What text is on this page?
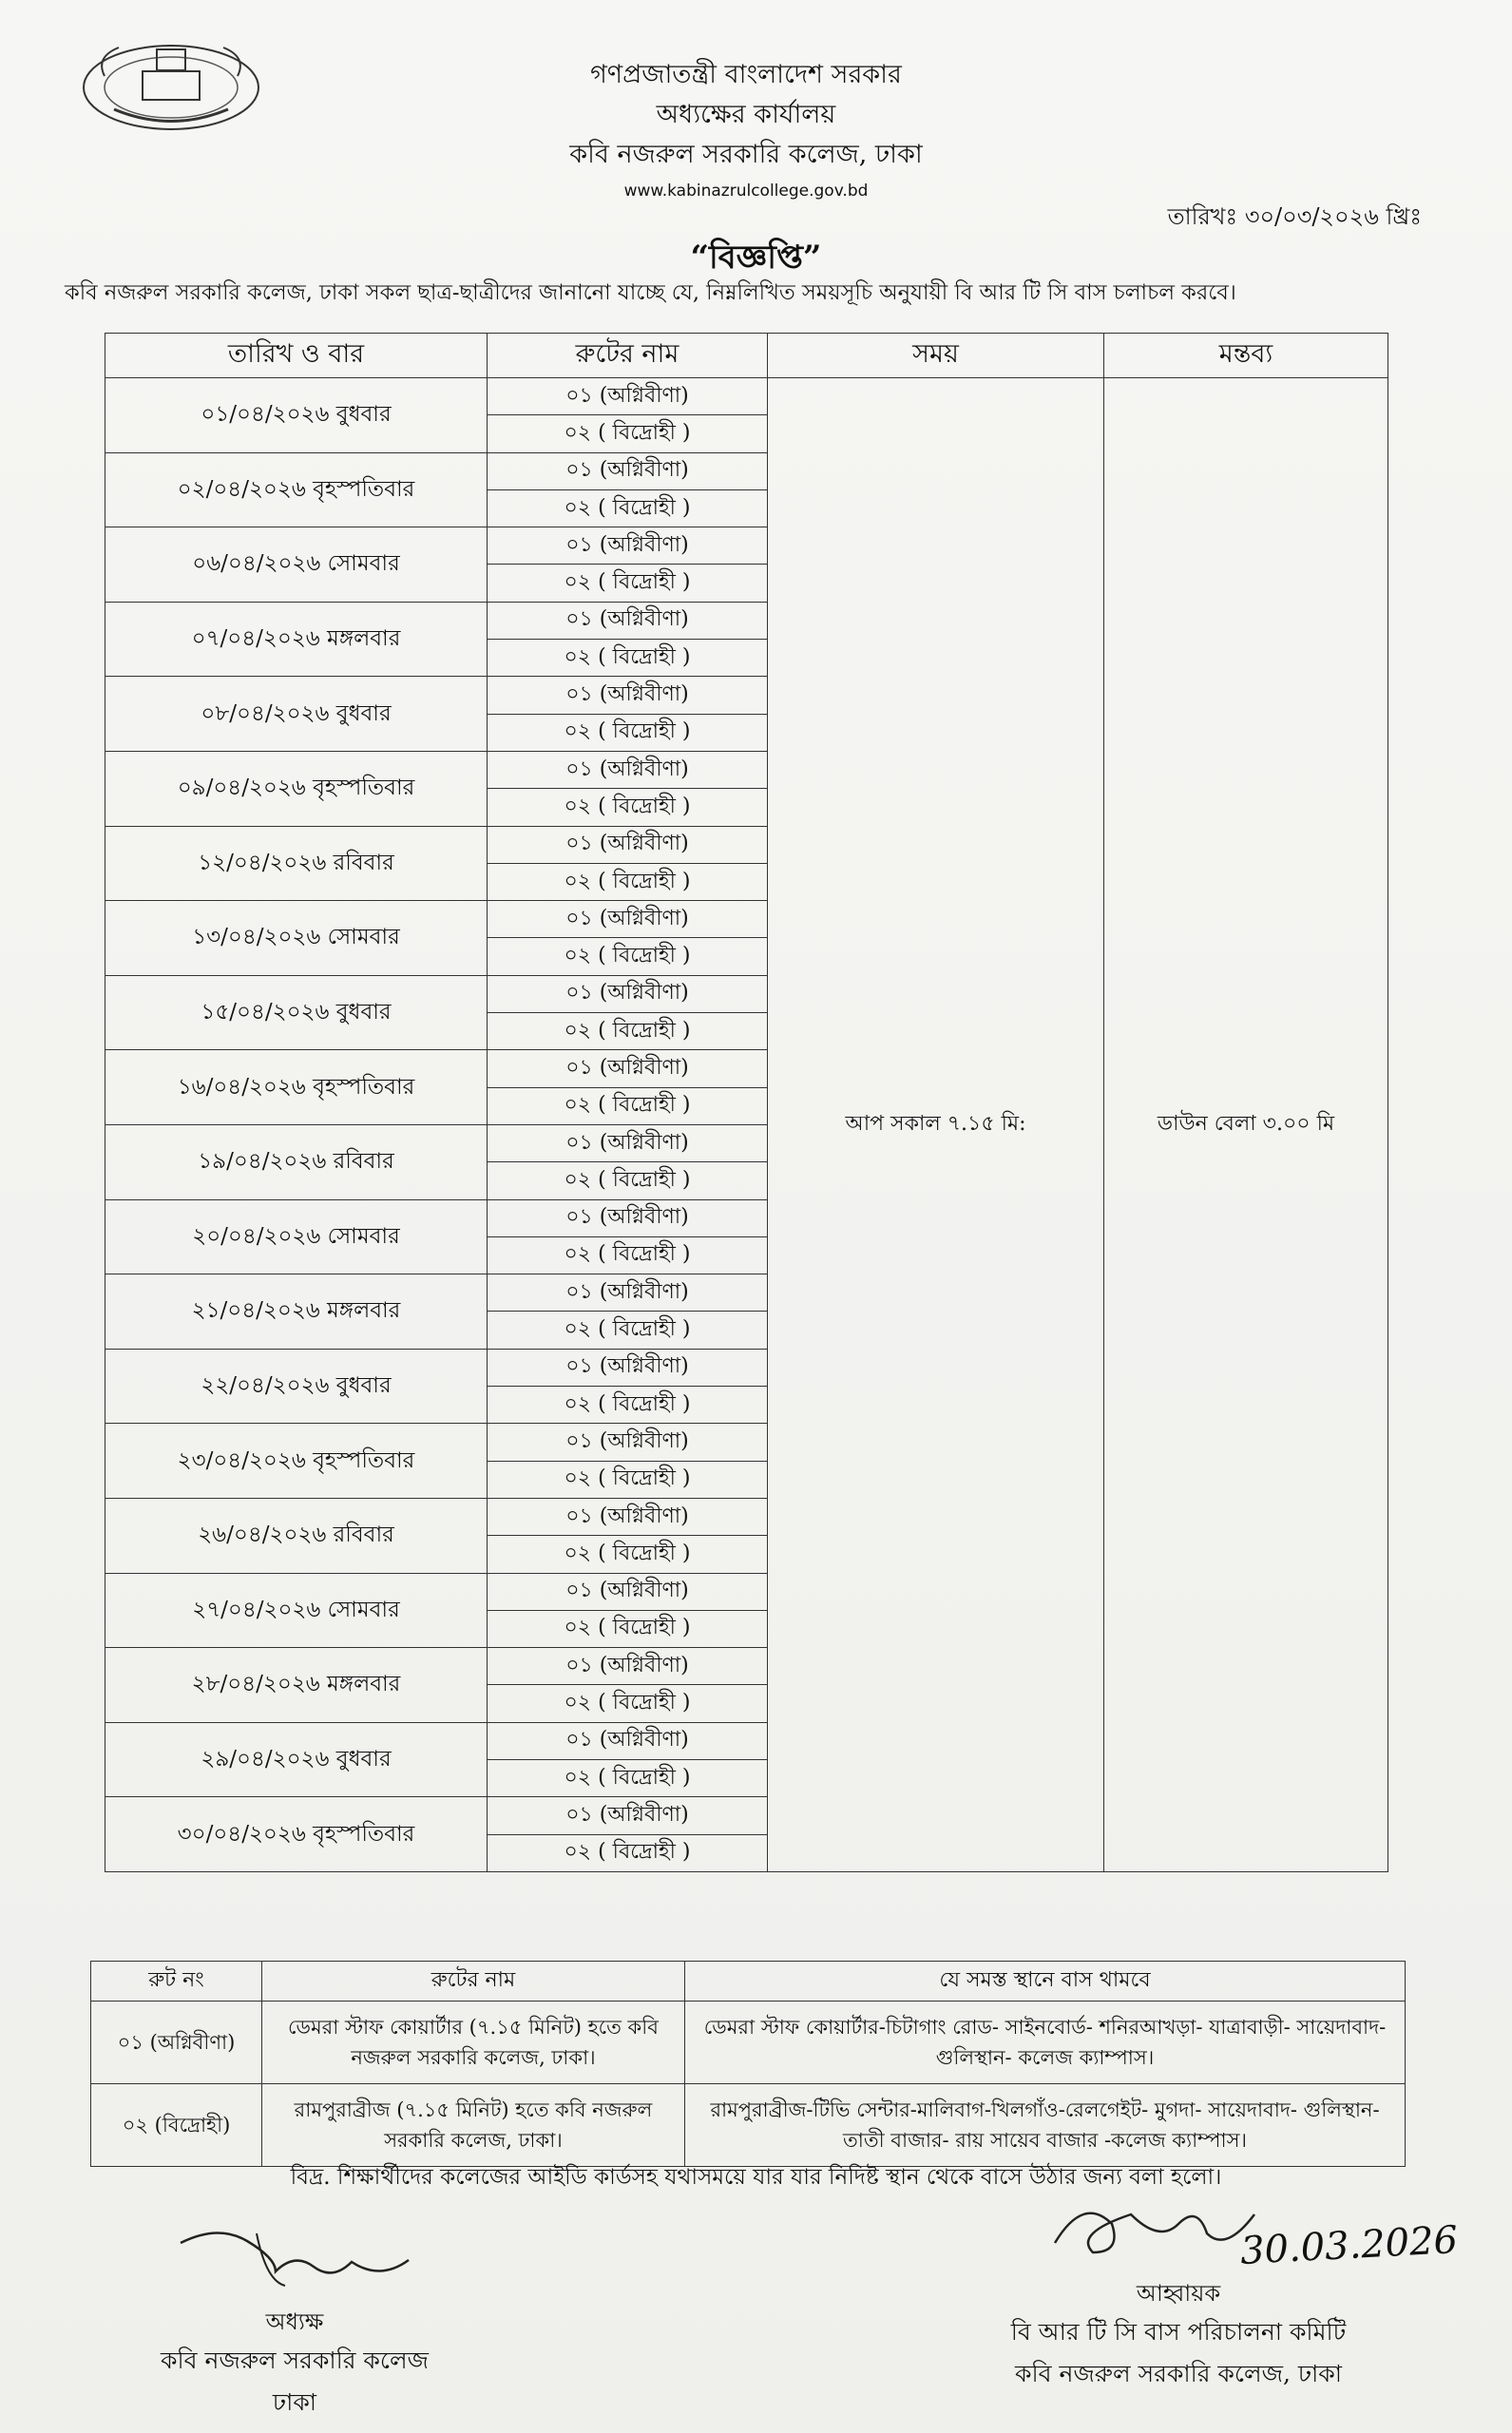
গণপ্রজাতন্ত্রী বাংলাদেশ সরকার
অধ্যক্ষের কার্যালয়
কবি নজরুল সরকারি কলেজ, ঢাকা
www.kabinazrulcollege.gov.bd
তারিখঃ ৩০/০৩/২০২৬ খ্রিঃ
“বিজ্ঞপ্তি”
কবি নজরুল সরকারি কলেজ, ঢাকা সকল ছাত্র-ছাত্রীদের জানানো যাচ্ছে যে, নিম্নলিখিত সময়সূচি অনুযায়ী বি আর টি সি বাস চলাচল করবে।
তারিখ ও বার	রুটের নাম	সময়	মন্তব্য
০১/০৪/২০২৬ বুধবার	০১ (অগ্নিবীণা)	আপ সকাল ৭.১৫ মি:	ডাউন বেলা ৩.০০ মি
	০২ ( বিদ্রোহী )		
০২/০৪/২০২৬ বৃহস্পতিবার	০১ (অগ্নিবীণা)		
	০২ ( বিদ্রোহী )		
০৬/০৪/২০২৬ সোমবার	০১ (অগ্নিবীণা)		
	০২ ( বিদ্রোহী )		
০৭/০৪/২০২৬ মঙ্গলবার	০১ (অগ্নিবীণা)		
	০২ ( বিদ্রোহী )		
০৮/০৪/২০২৬ বুধবার	০১ (অগ্নিবীণা)		
	০২ ( বিদ্রোহী )		
০৯/০৪/২০২৬ বৃহস্পতিবার	০১ (অগ্নিবীণা)		
	০২ ( বিদ্রোহী )		
১২/০৪/২০২৬ রবিবার	০১ (অগ্নিবীণা)		
	০২ ( বিদ্রোহী )		
১৩/০৪/২০২৬ সোমবার	০১ (অগ্নিবীণা)		
	০২ ( বিদ্রোহী )		
১৫/০৪/২০২৬ বুধবার	০১ (অগ্নিবীণা)		
	০২ ( বিদ্রোহী )		
১৬/০৪/২০২৬ বৃহস্পতিবার	০১ (অগ্নিবীণা)		
	০২ ( বিদ্রোহী )		
১৯/০৪/২০২৬ রবিবার	০১ (অগ্নিবীণা)		
	০২ ( বিদ্রোহী )		
২০/০৪/২০২৬ সোমবার	০১ (অগ্নিবীণা)		
	০২ ( বিদ্রোহী )		
২১/০৪/২০২৬ মঙ্গলবার	০১ (অগ্নিবীণা)		
	০২ ( বিদ্রোহী )		
২২/০৪/২০২৬ বুধবার	০১ (অগ্নিবীণা)		
	০২ ( বিদ্রোহী )		
২৩/০৪/২০২৬ বৃহস্পতিবার	০১ (অগ্নিবীণা)		
	০২ ( বিদ্রোহী )		
২৬/০৪/২০২৬ রবিবার	০১ (অগ্নিবীণা)		
	০২ ( বিদ্রোহী )		
২৭/০৪/২০২৬ সোমবার	০১ (অগ্নিবীণা)		
	০২ ( বিদ্রোহী )		
২৮/০৪/২০২৬ মঙ্গলবার	০১ (অগ্নিবীণা)		
	০২ ( বিদ্রোহী )		
২৯/০৪/২০২৬ বুধবার	০১ (অগ্নিবীণা)		
	০২ ( বিদ্রোহী )		
৩০/০৪/২০২৬ বৃহস্পতিবার	০১ (অগ্নিবীণা)		
	০২ ( বিদ্রোহী )		
রুট নং	রুটের নাম	যে সমস্ত স্থানে বাস থামবে
০১ (অগ্নিবীণা)	ডেমরা স্টাফ কোয়ার্টার (৭.১৫ মিনিট) হতে কবি নজরুল সরকারি কলেজ, ঢাকা।	ডেমরা স্টাফ কোয়ার্টার-চিটাগাং রোড- সাইনবোর্ড- শনিরআখড়া- যাত্রাবাড়ী- সায়েদাবাদ- গুলিস্থান- কলেজ ক্যাম্পাস।
০২ (বিদ্রোহী)	রামপুরাব্রীজ (৭.১৫ মিনিট) হতে কবি নজরুল সরকারি কলেজ, ঢাকা।	রামপুরাব্রীজ-টিভি সেন্টার-মালিবাগ-খিলগাঁও-রেলগেইট- মুগদা- সায়েদাবাদ- গুলিস্থান- তাতী বাজার- রায় সায়েব বাজার -কলেজ ক্যাম্পাস।
বিদ্র. শিক্ষার্থীদের কলেজের আইডি কার্ডসহ যথাসময়ে যার যার নিদিষ্ট স্থান থেকে বাসে উঠার জন্য বলা হলো।
অধ্যক্ষ
কবি নজরুল সরকারি কলেজ
ঢাকা
আহ্বায়ক
বি আর টি সি বাস পরিচালনা কমিটি
কবি নজরুল সরকারি কলেজ, ঢাকা
30.03.2026
